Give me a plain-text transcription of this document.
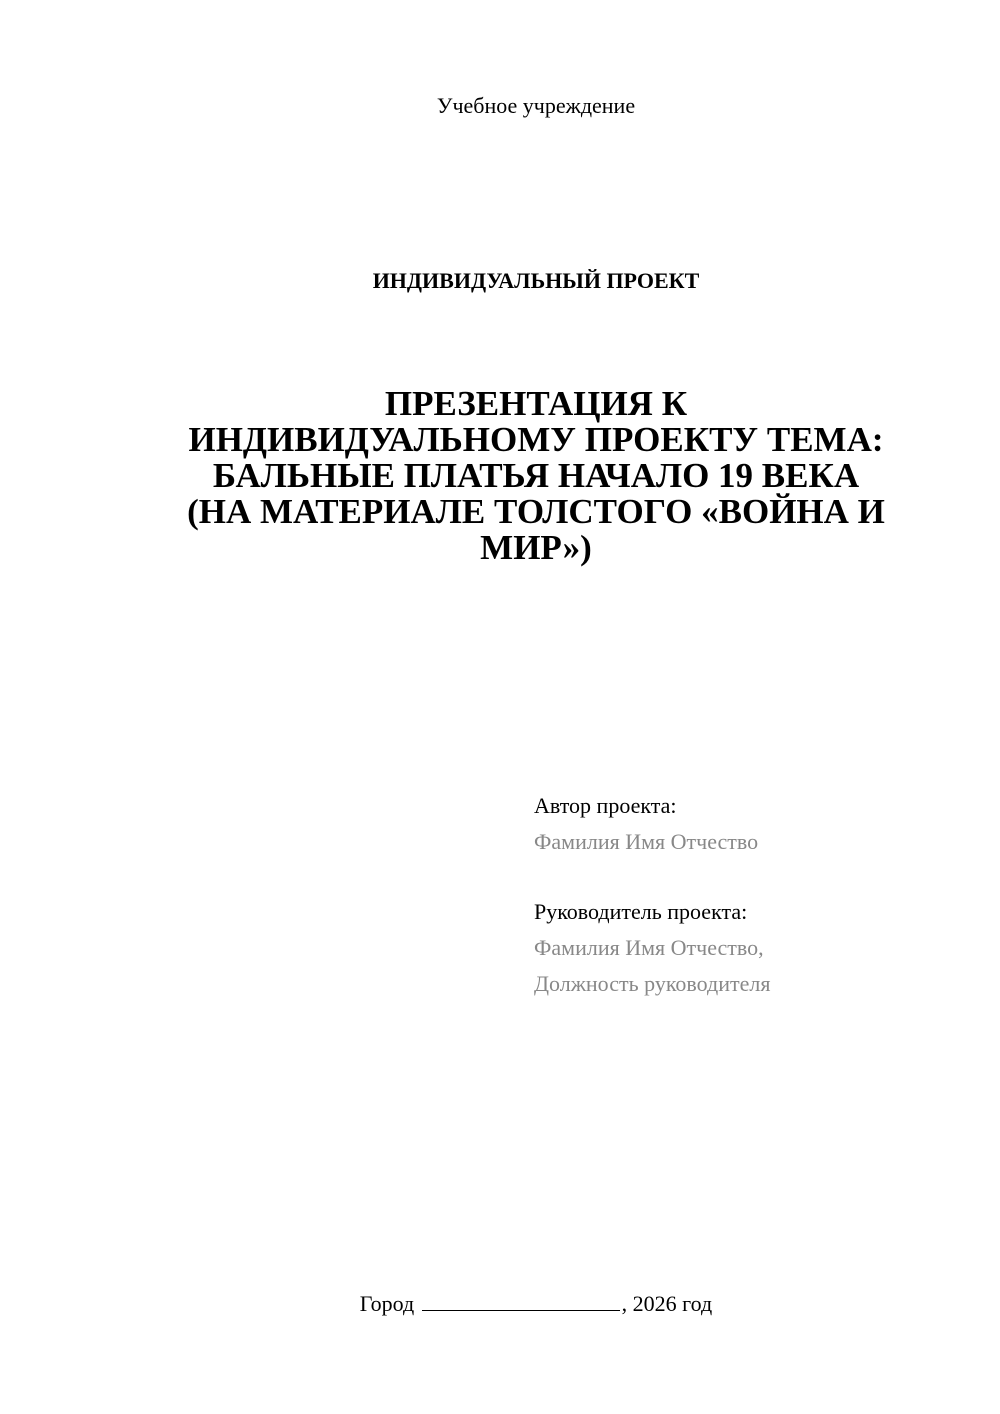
Учебное учреждение
ИНДИВИДУАЛЬНЫЙ ПРОЕКТ
ПРЕЗЕНТАЦИЯ К
ИНДИВИДУАЛЬНОМУ ПРОЕКТУ ТЕМА:
БАЛЬНЫЕ ПЛАТЬЯ НАЧАЛО 19 ВЕКА
(НА МАТЕРИАЛЕ ТОЛСТОГО «ВОЙНА И
МИР»)
Автор проекта:
Фамилия Имя Отчество
Руководитель проекта:
Фамилия Имя Отчество,
Должность руководителя
Город	, 2026 год
